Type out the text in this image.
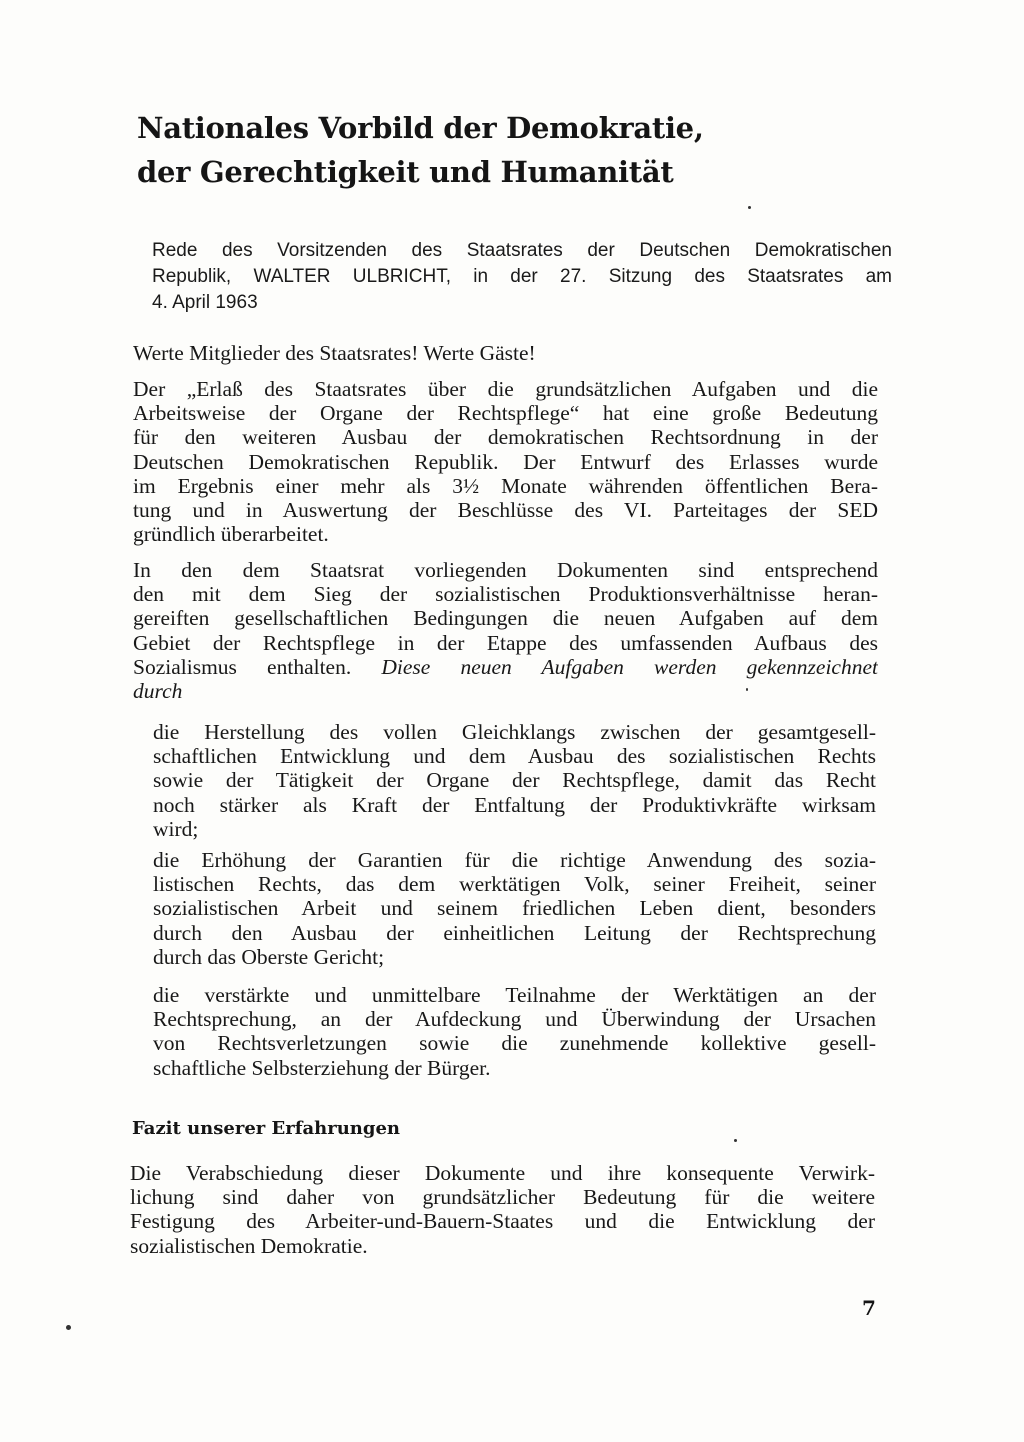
Nationales Vorbild der Demokratie,
der Gerechtigkeit und Humanität
Rede des Vorsitzenden des Staatsrates der Deutschen Demokratischen
Republik, WALTER ULBRICHT, in der 27. Sitzung des Staatsrates am
4. April 1963
Werte Mitglieder des Staatsrates! Werte Gäste!
Der „Erlaß des Staatsrates über die grundsätzlichen Aufgaben und die
Arbeitsweise der Organe der Rechtspflege“ hat eine große Bedeutung
für den weiteren Ausbau der demokratischen Rechtsordnung in der
Deutschen Demokratischen Republik. Der Entwurf des Erlasses wurde
im Ergebnis einer mehr als 3½ Monate währenden öffentlichen Bera-
tung und in Auswertung der Beschlüsse des VI. Parteitages der SED
gründlich überarbeitet.
In den dem Staatsrat vorliegenden Dokumenten sind entsprechend
den mit dem Sieg der sozialistischen Produktionsverhältnisse heran-
gereiften gesellschaftlichen Bedingungen die neuen Aufgaben auf dem
Gebiet der Rechtspflege in der Etappe des umfassenden Aufbaus des
Sozialismus enthalten. Diese neuen Aufgaben werden gekennzeichnet
durch
die Herstellung des vollen Gleichklangs zwischen der gesamtgesell-
schaftlichen Entwicklung und dem Ausbau des sozialistischen Rechts
sowie der Tätigkeit der Organe der Rechtspflege, damit das Recht
noch stärker als Kraft der Entfaltung der Produktivkräfte wirksam
wird;
die Erhöhung der Garantien für die richtige Anwendung des sozia-
listischen Rechts, das dem werktätigen Volk, seiner Freiheit, seiner
sozialistischen Arbeit und seinem friedlichen Leben dient, besonders
durch den Ausbau der einheitlichen Leitung der Rechtsprechung
durch das Oberste Gericht;
die verstärkte und unmittelbare Teilnahme der Werktätigen an der
Rechtsprechung, an der Aufdeckung und Überwindung der Ursachen
von Rechtsverletzungen sowie die zunehmende kollektive gesell-
schaftliche Selbsterziehung der Bürger.
Fazit unserer Erfahrungen
Die Verabschiedung dieser Dokumente und ihre konsequente Verwirk-
lichung sind daher von grundsätzlicher Bedeutung für die weitere
Festigung des Arbeiter-und-Bauern-Staates und die Entwicklung der
sozialistischen Demokratie.
7
